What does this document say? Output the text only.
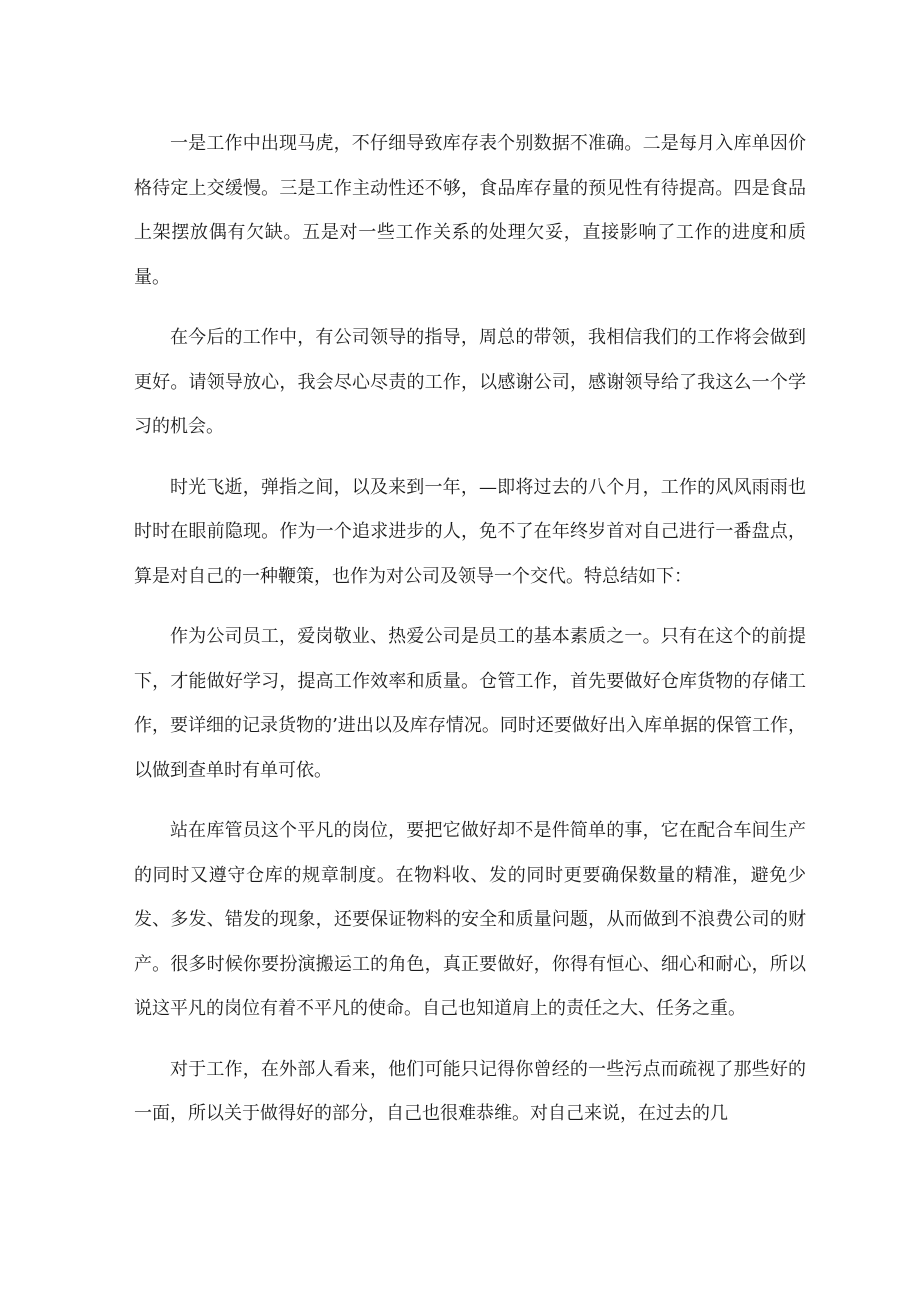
一是工作中出现马虎，不仔细导致库存表个别数据不准确。二是每月入库单因价格待定上交缓慢。三是工作主动性还不够，食品库存量的预见性有待提高。四是食品上架摆放偶有欠缺。五是对一些工作关系的处理欠妥，直接影响了工作的进度和质量。

在今后的工作中，有公司领导的指导，周总的带领，我相信我们的工作将会做到更好。请领导放心，我会尽心尽责的工作，以感谢公司，感谢领导给了我这么一个学习的机会。

时光飞逝，弹指之间，以及来到一年，—即将过去的八个月，工作的风风雨雨也时时在眼前隐现。作为一个追求进步的人，免不了在年终岁首对自己进行一番盘点，算是对自己的一种鞭策，也作为对公司及领导一个交代。特总结如下：

作为公司员工，爱岗敬业、热爱公司是员工的基本素质之一。只有在这个的前提下，才能做好学习，提高工作效率和质量。仓管工作，首先要做好仓库货物的存储工作，要详细的记录货物的’进出以及库存情况。同时还要做好出入库单据的保管工作，以做到查单时有单可依。

站在库管员这个平凡的岗位，要把它做好却不是件简单的事，它在配合车间生产的同时又遵守仓库的规章制度。在物料收、发的同时更要确保数量的精准，避免少发、多发、错发的现象，还要保证物料的安全和质量问题，从而做到不浪费公司的财产。很多时候你要扮演搬运工的角色，真正要做好，你得有恒心、细心和耐心，所以说这平凡的岗位有着不平凡的使命。自己也知道肩上的责任之大、任务之重。

对于工作，在外部人看来，他们可能只记得你曾经的一些污点而疏视了那些好的一面，所以关于做得好的部分，自己也很难恭维。对自己来说，在过去的几
